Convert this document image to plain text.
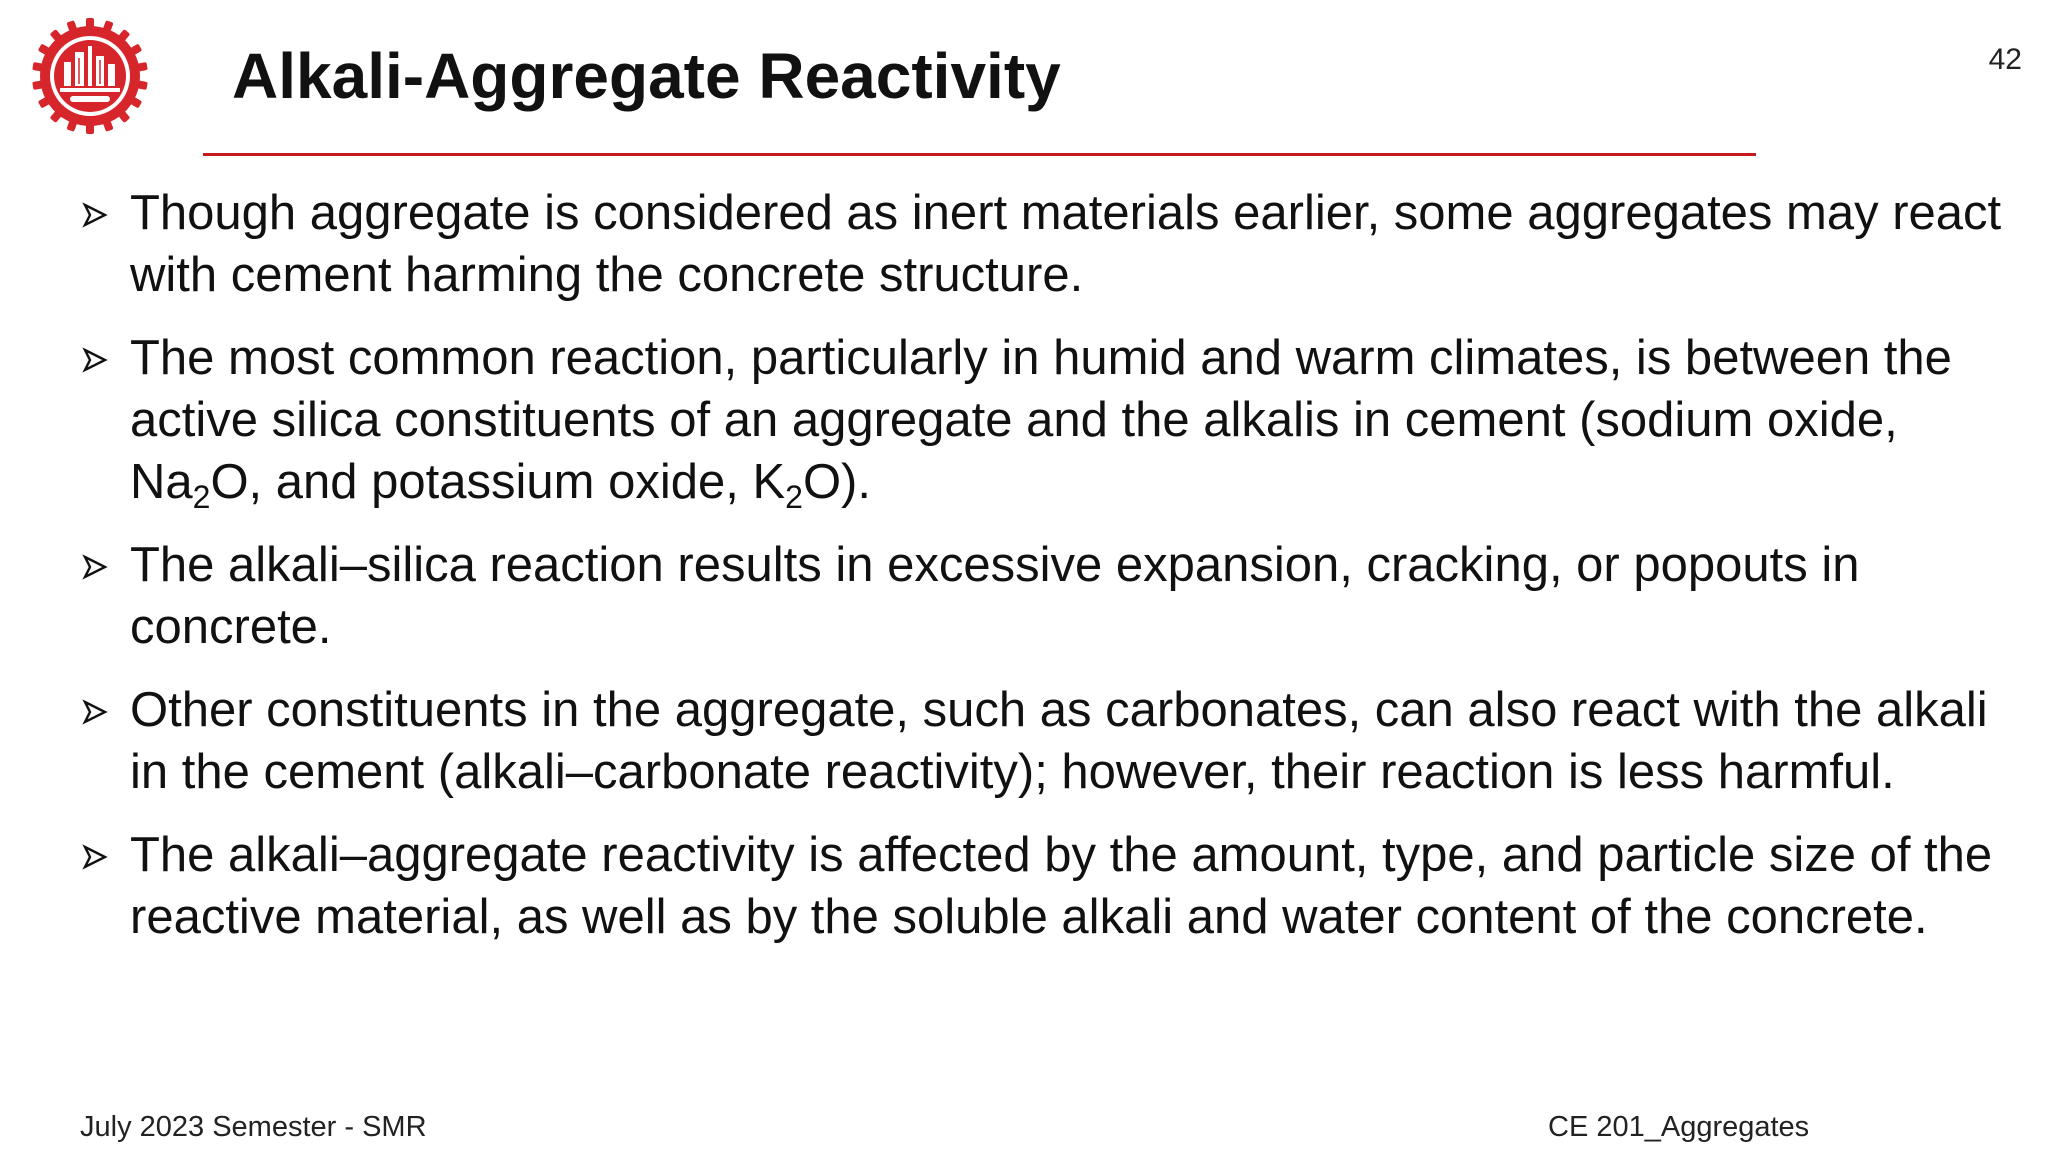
Alkali-Aggregate Reactivity	42
Though aggregate is considered as inert materials earlier, some aggregates may react with cement harming the concrete structure.
The most common reaction, particularly in humid and warm climates, is between the active silica constituents of an aggregate and the alkalis in cement (sodium oxide, $Na_2O$, and potassium oxide, $K_2O$).
The alkali–silica reaction results in excessive expansion, cracking, or popouts in concrete.
Other constituents in the aggregate, such as carbonates, can also react with the alkali in the cement (alkali–carbonate reactivity); however, their reaction is less harmful.
The alkali–aggregate reactivity is affected by the amount, type, and particle size of the reactive material, as well as by the soluble alkali and water content of the concrete.
July 2023 Semester - SMR	CE 201_Aggregates
